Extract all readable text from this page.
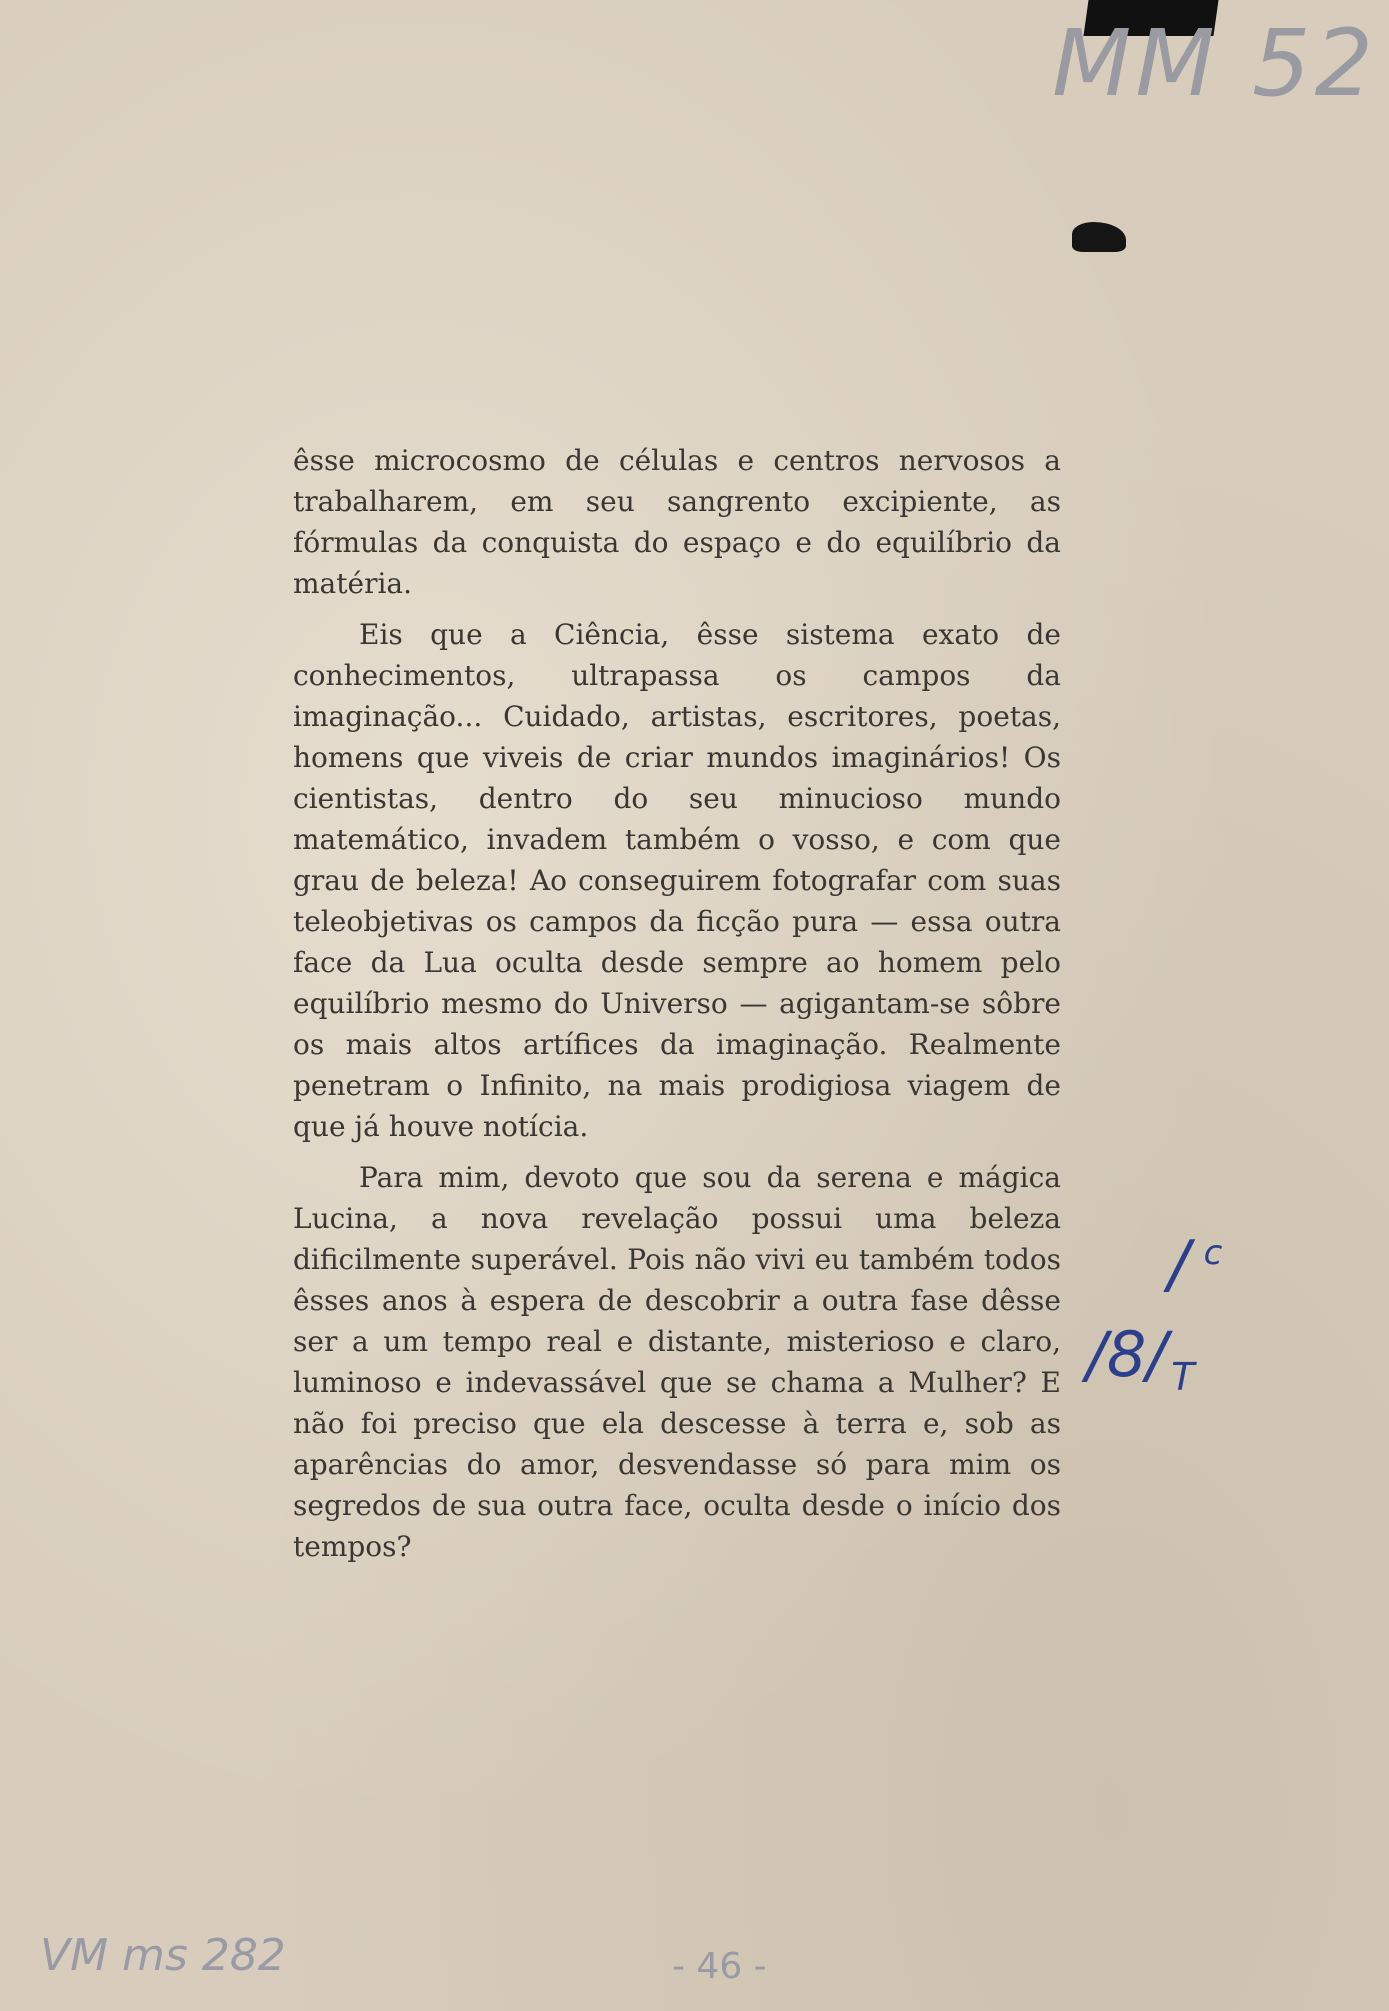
MM 52

êsse microcosmo de células e centros nervosos a trabalharem, em seu sangrento excipiente, as fórmulas da conquista do espaço e do equilíbrio da matéria.

Eis que a Ciência, êsse sistema exato de conhecimentos, ultrapassa os campos da imaginação... Cuidado, artistas, escritores, poetas, homens que viveis de criar mundos imaginários! Os cientistas, dentro do seu minucioso mundo matemático, invadem também o vosso, e com que grau de beleza! Ao conseguirem fotografar com suas teleobjetivas os campos da ficção pura — essa outra face da Lua oculta desde sempre ao homem pelo equilíbrio mesmo do Universo — agigantam-se sôbre os mais altos artífices da imaginação. Realmente penetram o Infinito, na mais prodigiosa viagem de que já houve notícia.

Para mim, devoto que sou da serena e mágica Lucina, a nova revelação possui uma beleza dificilmente superável. Pois não vivi eu também todos êsses anos à espera de descobrir a outra fase dêsse ser a um tempo real e distante, misterioso e claro, luminoso e indevassável que se chama a Mulher? E não foi preciso que ela descesse à terra e, sob as aparências do amor, desvendasse só para mim os segredos de sua outra face, oculta desde o início dos tempos?

/ $^c$
/8/ $_T$
VM ms 282	- 46 -
